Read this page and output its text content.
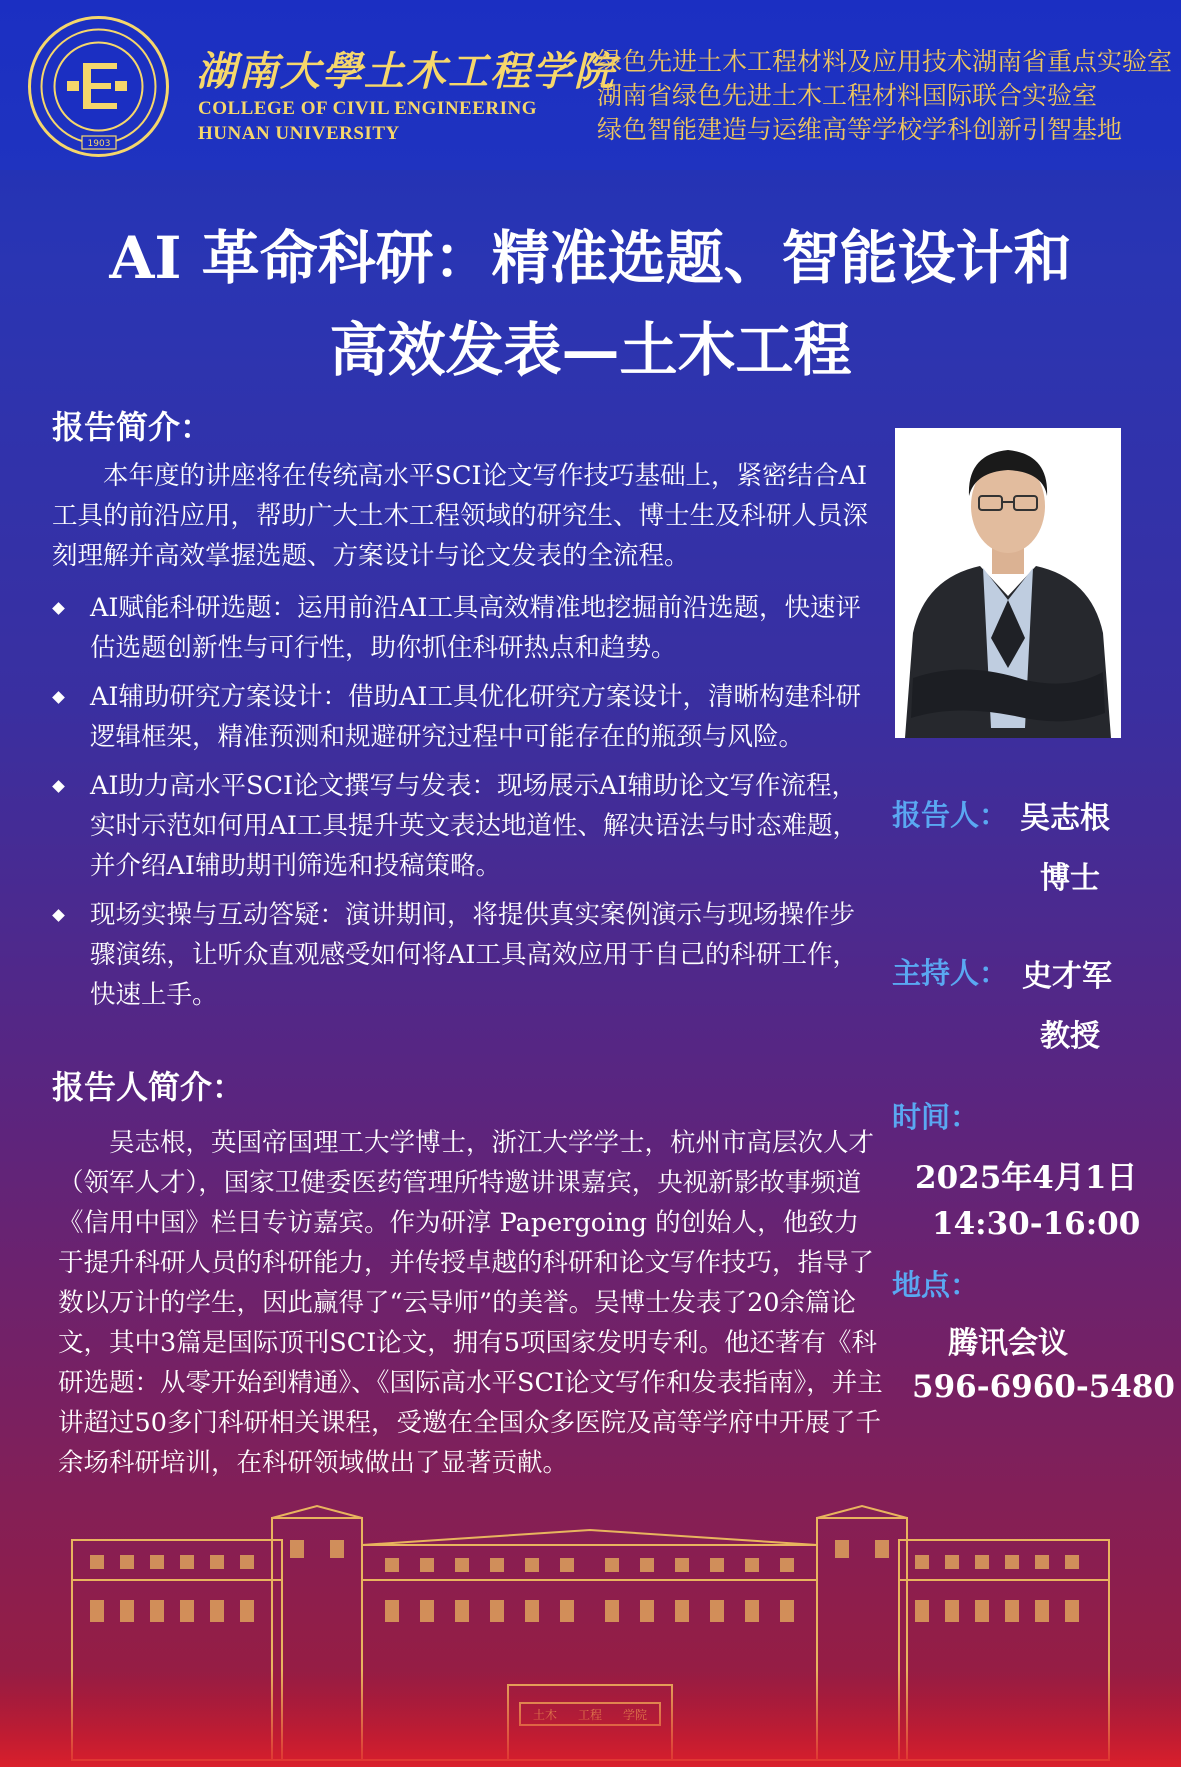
1903
湖南大學土木工程学院
COLLEGE OF CIVIL ENGINEERING
HUNAN UNIVERSITY
绿色先进土木工程材料及应用技术湖南省重点实验室
湖南省绿色先进土木工程材料国际联合实验室
绿色智能建造与运维高等学校学科创新引智基地
AI 革命科研：精准选题、智能设计和
高效发表—土木工程
报告简介：
本年度的讲座将在传统高水平SCI论文写作技巧基础上，紧密结合AI工具的前沿应用，帮助广大土木工程领域的研究生、博士生及科研人员深刻理解并高效掌握选题、方案设计与论文发表的全流程。
AI赋能科研选题：运用前沿AI工具高效精准地挖掘前沿选题，快速评估选题创新性与可行性，助你抓住科研热点和趋势。
AI辅助研究方案设计：借助AI工具优化研究方案设计，清晰构建科研逻辑框架，精准预测和规避研究过程中可能存在的瓶颈与风险。
AI助力高水平SCI论文撰写与发表：现场展示AI辅助论文写作流程，实时示范如何用AI工具提升英文表达地道性、解决语法与时态难题，并介绍AI辅助期刊筛选和投稿策略。
现场实操与互动答疑：演讲期间，将提供真实案例演示与现场操作步骤演练，让听众直观感受如何将AI工具高效应用于自己的科研工作，快速上手。
报告人简介：
吴志根，英国帝国理工大学博士，浙江大学学士，杭州市高层次人才（领军人才），国家卫健委医药管理所特邀讲课嘉宾，央视新影故事频道《信用中国》栏目专访嘉宾。作为研淳 Papergoing 的创始人，他致力于提升科研人员的科研能力，并传授卓越的科研和论文写作技巧，指导了数以万计的学生，因此赢得了“云导师”的美誉。吴博士发表了20余篇论文，其中3篇是国际顶刊SCI论文，拥有5项国家发明专利。他还著有《科研选题：从零开始到精通》、《国际高水平SCI论文写作和发表指南》，并主讲超过50多门科研相关课程，受邀在全国众多医院及高等学府中开展了千余场科研培训，在科研领域做出了显著贡献。
报告人： 吴志根
博士
主持人： 史才军
教授
时间：
2025年4月1日
14:30-16:00
地点：
腾讯会议
596-6960-5480
